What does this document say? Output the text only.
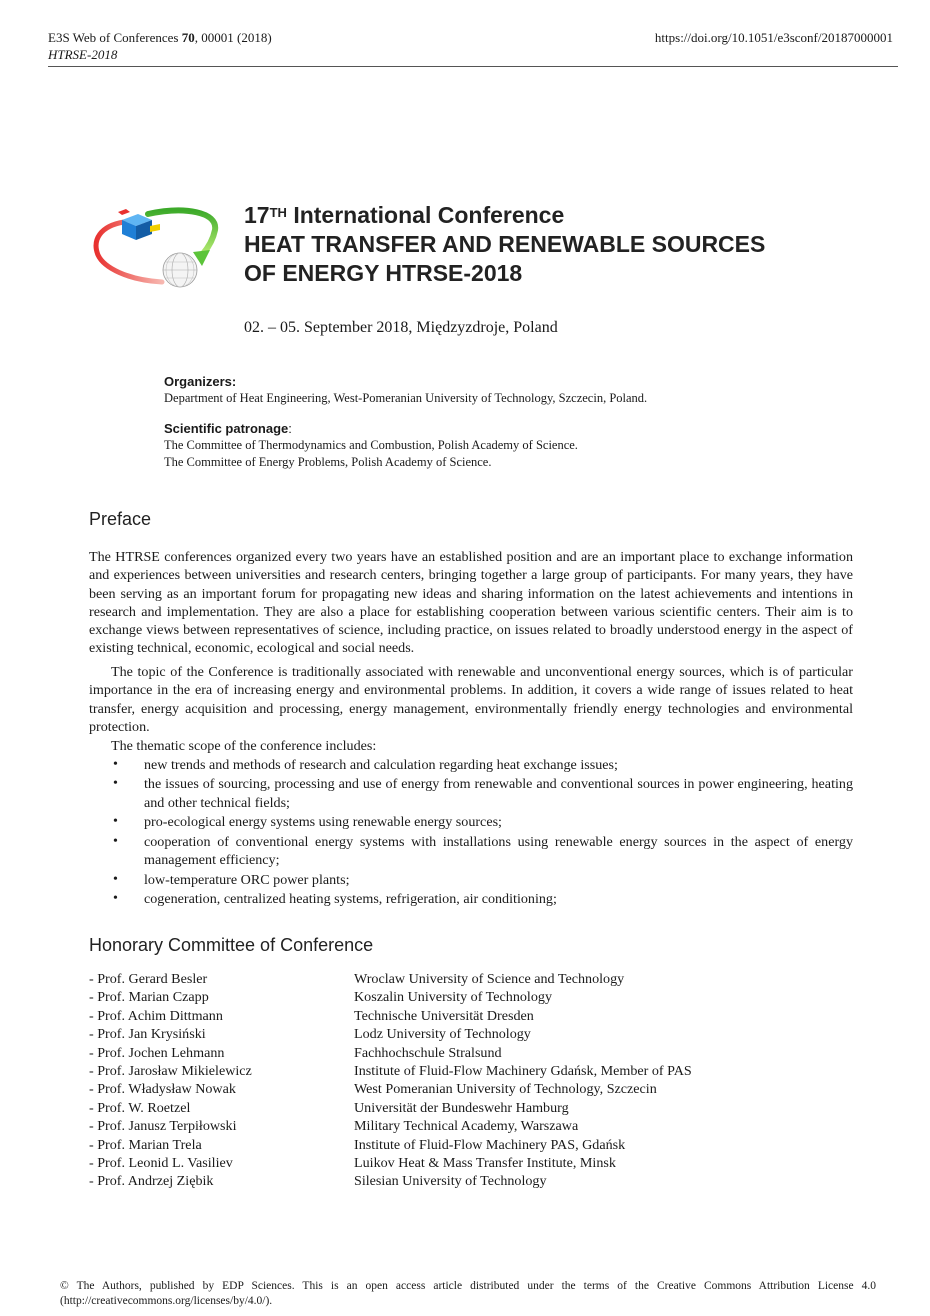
E3S Web of Conferences 70, 00001 (2018)
HTRSE-2018
https://doi.org/10.1051/e3sconf/20187000001
17TH International Conference
HEAT TRANSFER AND RENEWABLE SOURCES
OF ENERGY HTRSE-2018
02. – 05. September 2018, Międzyzdroje, Poland
Organizers:
Department of Heat Engineering, West-Pomeranian University of Technology, Szczecin, Poland.
Scientific patronage:
The Committee of Thermodynamics and Combustion, Polish Academy of Science.
The Committee of Energy Problems, Polish Academy of Science.
Preface
The HTRSE conferences organized every two years have an established position and are an important place to exchange information and experiences between universities and research centers, bringing together a large group of participants. For many years, they have been serving as an important forum for propagating new ideas and sharing information on the latest achievements and intentions in research and implementation. They are also a place for establishing cooperation between various scientific centers. Their aim is to exchange views between representatives of science, including practice, on issues related to broadly understood energy in the aspect of existing technical, economic, ecological and social needs.
The topic of the Conference is traditionally associated with renewable and unconventional energy sources, which is of particular importance in the era of increasing energy and environmental problems. In addition, it covers a wide range of issues related to heat transfer, energy acquisition and processing, energy management, environmentally friendly energy technologies and environmental protection.
The thematic scope of the conference includes:
• new trends and methods of research and calculation regarding heat exchange issues;
• the issues of sourcing, processing and use of energy from renewable and conventional sources in power engineering, heating and other technical fields;
• pro-ecological energy systems using renewable energy sources;
• cooperation of conventional energy systems with installations using renewable energy sources in the aspect of energy management efficiency;
• low-temperature ORC power plants;
• cogeneration, centralized heating systems, refrigeration, air conditioning;
Honorary Committee of Conference
- Prof. Gerard Besler	Wroclaw University of Science and Technology
- Prof. Marian Czapp	Koszalin University of Technology
- Prof. Achim Dittmann	Technische Universität Dresden
- Prof. Jan Krysiński	Lodz University of Technology
- Prof. Jochen Lehmann	Fachhochschule Stralsund
- Prof. Jarosław Mikielewicz	Institute of Fluid-Flow Machinery Gdańsk, Member of PAS
- Prof. Władysław Nowak	West Pomeranian University of Technology, Szczecin
- Prof. W. Roetzel	Universität der Bundeswehr Hamburg
- Prof. Janusz Terpiłowski	Military Technical Academy, Warszawa
- Prof. Marian Trela	Institute of Fluid-Flow Machinery PAS, Gdańsk
- Prof. Leonid L. Vasiliev	Luikov Heat & Mass Transfer Institute, Minsk
- Prof. Andrzej Ziębik	Silesian University of Technology
© The Authors, published by EDP Sciences. This is an open access article distributed under the terms of the Creative Commons Attribution License 4.0 (http://creativecommons.org/licenses/by/4.0/).
